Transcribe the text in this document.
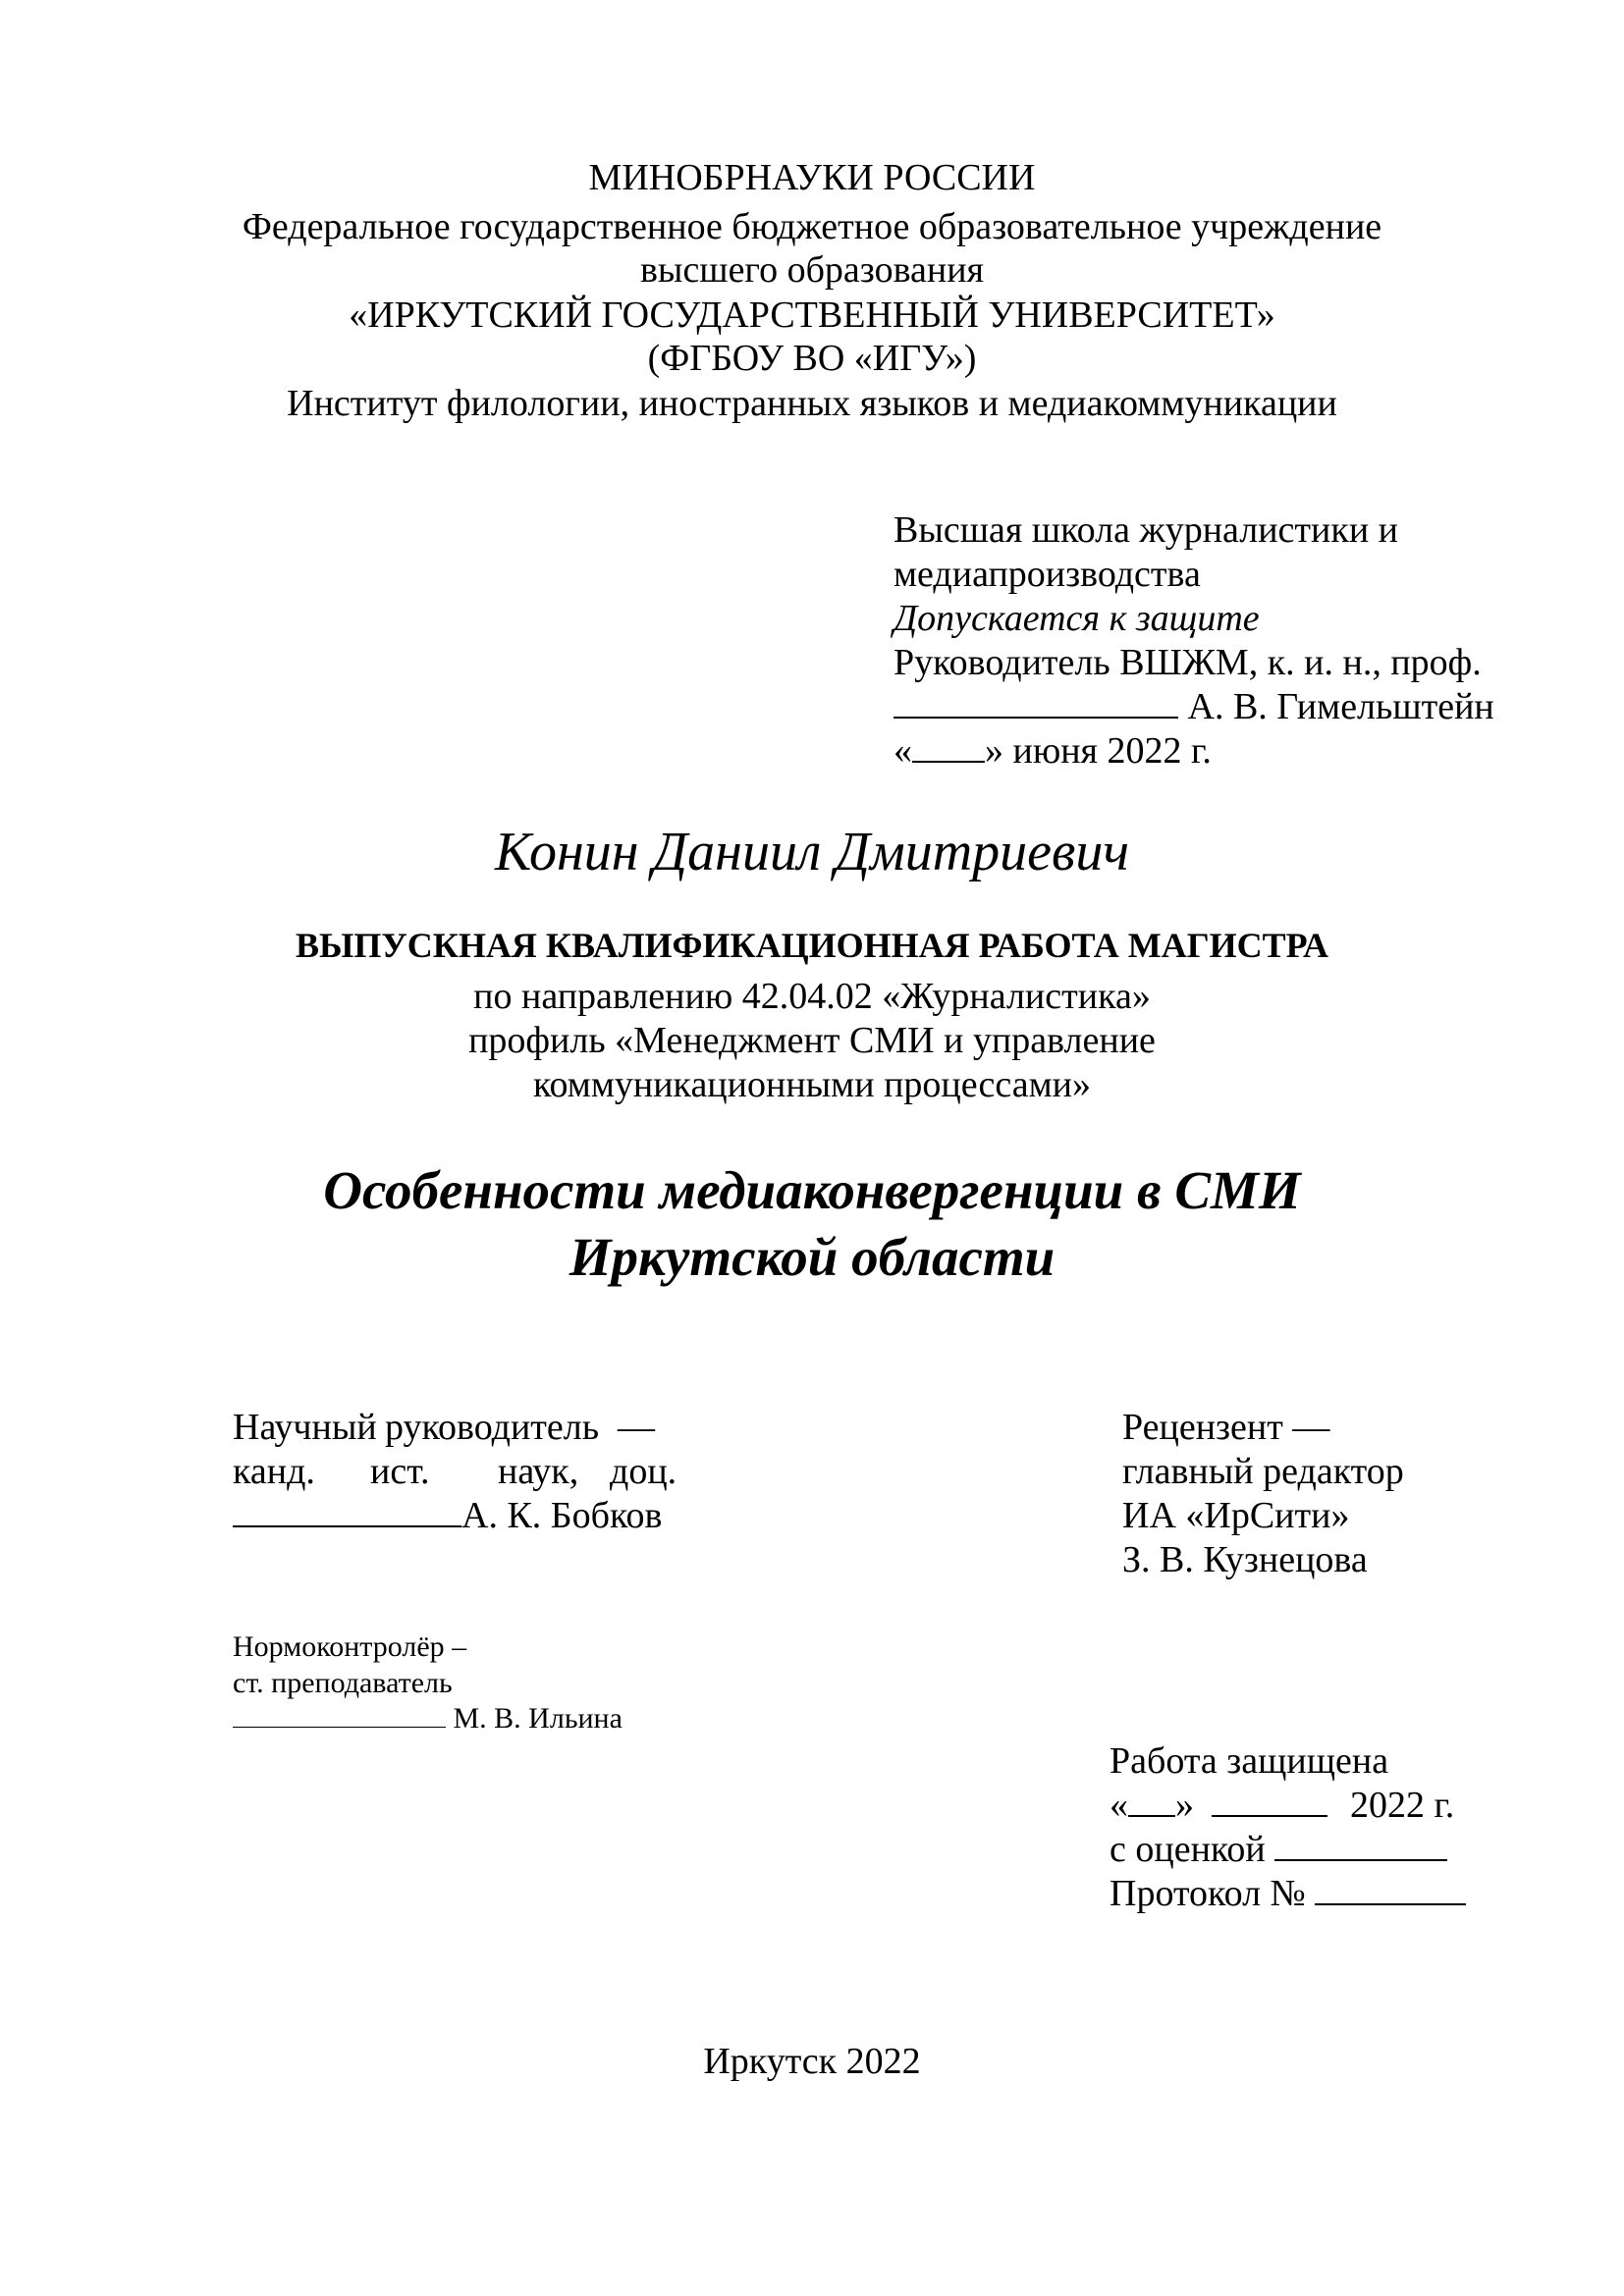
МИНОБРНАУКИ РОССИИ
Федеральное государственное бюджетное образовательное учреждение
высшего образования
«ИРКУТСКИЙ ГОСУДАРСТВЕННЫЙ УНИВЕРСИТЕТ»
(ФГБОУ ВО «ИГУ»)
Институт филологии, иностранных языков и медиакоммуникации
Высшая школа журналистики и
медиапроизводства
Допускается к защите
Руководитель ВШЖМ, к. и. н., проф.
А. В. Гимельштейн
« » июня 2022 г.
Конин Даниил Дмитриевич
ВЫПУСКНАЯ КВАЛИФИКАЦИОННАЯ РАБОТА МАГИСТРА
по направлению 42.04.02 «Журналистика»
профиль «Менеджмент СМИ и управление
коммуникационными процессами»
Особенности медиаконвергенции в СМИ
Иркутской области
Научный руководитель —
канд. ист. наук, доц.
А. К. Бобков
Рецензент —
главный редактор
ИА «ИрСити»
З. В. Кузнецова
Нормоконтролёр –
ст. преподаватель
М. В. Ильина
Работа защищена
« »	2022 г.
с оценкой
Протокол №
Иркутск 2022
